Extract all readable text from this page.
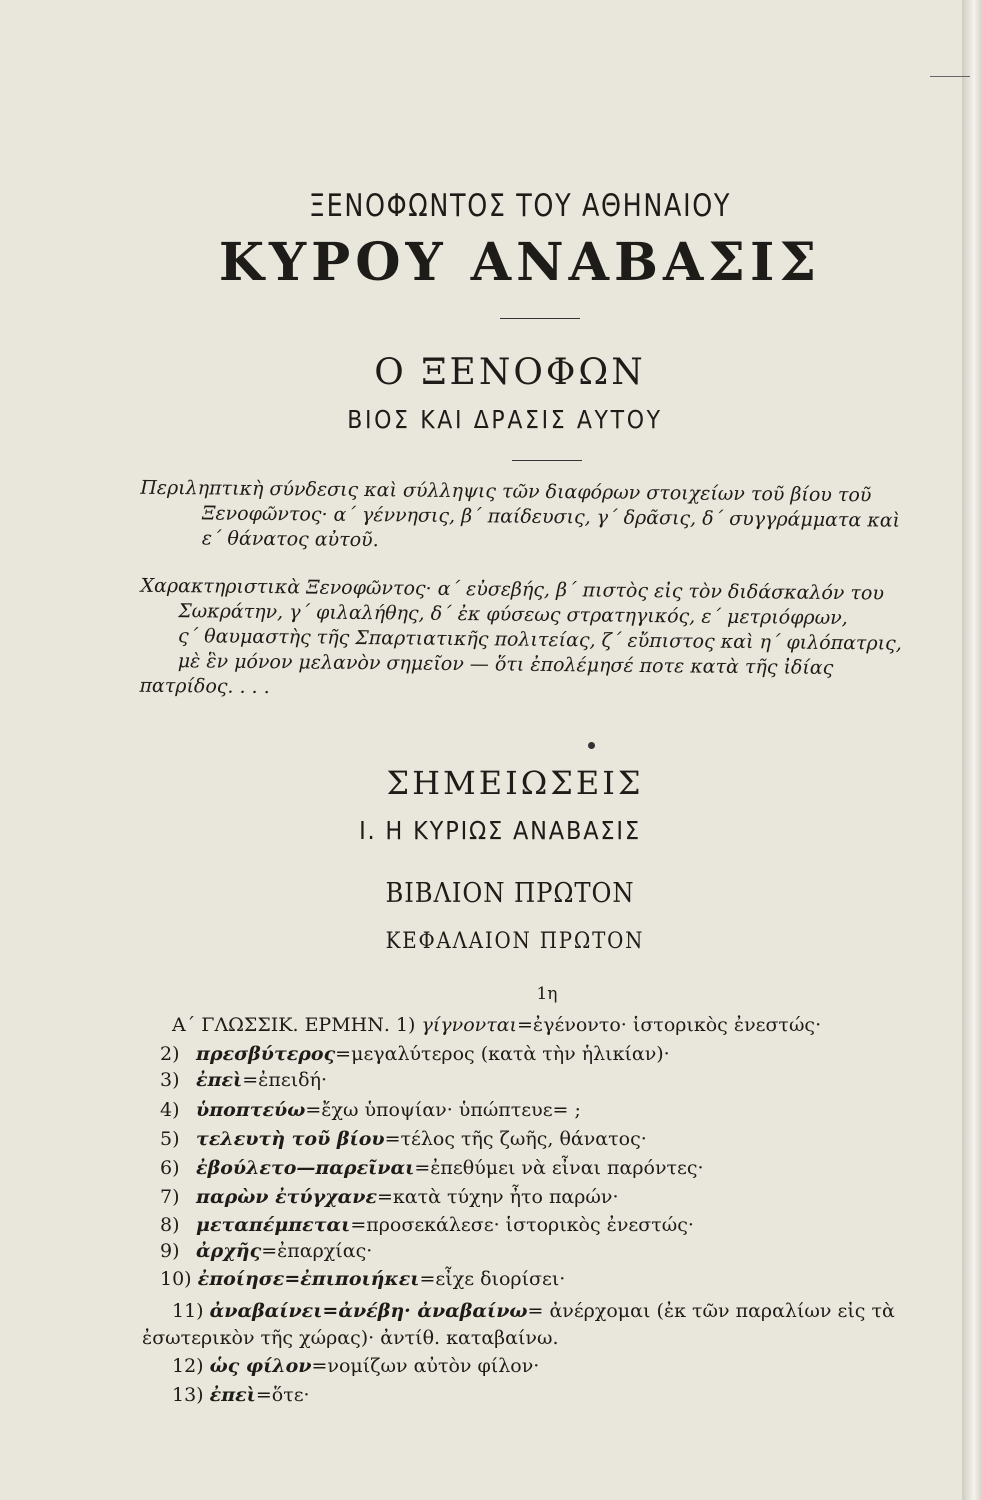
ΞΕΝΟΦΩΝΤΟΣ ΤΟΥ ΑΘΗΝΑΙΟΥ
ΚΥΡΟΥ ΑΝΑΒΑΣΙΣ
Ο ΞΕΝΟΦΩΝ
ΒΙΟΣ ΚΑΙ ΔΡΑΣΙΣ ΑΥΤΟΥ

Περιληπτικὴ σύνδεσις καὶ σύλληψις τῶν διαφόρων στοιχείων τοῦ βίου τοῦ

Ξενοφῶντος· α´ γέννησις, β´ παίδευσις, γ´ δρᾶσις, δ´ συγγράμματα καὶ

ε´ θάνατος αὐτοῦ.

Χαρακτηριστικὰ Ξενοφῶντος· α´ εὐσεβής, β´ πιστὸς εἰς τὸν διδάσκαλόν του

Σωκράτην, γ´ φιλαλήθης, δ´ ἐκ φύσεως στρατηγικός, ε´ μετριόφρων,

ς´ θαυμαστὴς τῆς Σπαρτιατικῆς πολιτείας, ζ´ εὔπιστος καὶ η´ φιλόπατρις,

μὲ ἓν μόνον μελανὸν σημεῖον — ὅτι ἐπολέμησέ ποτε κατὰ τῆς ἰδίας

πατρίδος. . . .

ΣΗΜΕΙΩΣΕΙΣ
I. Η ΚΥΡΙΩΣ ΑΝΑΒΑΣΙΣ
ΒΙΒΛΙΟΝ ΠΡΩΤΟΝ
ΚΕΦΑΛΑΙΟΝ ΠΡΩΤΟΝ
1η
Α´ ΓΛΩΣΣΙΚ. ΕΡΜΗΝ. 1) γίγνονται=ἐγένοντο· ἱστορικὸς ἐνεστώς·
2) πρεσβύτερος=μεγαλύτερος (κατὰ τὴν ἡλικίαν)·
3) ἐπεὶ=ἐπειδή·
4) ὑποπτεύω=ἔχω ὑποψίαν· ὑπώπτευε= ;
5) τελευτὴ τοῦ βίου=τέλος τῆς ζωῆς, θάνατος·
6) ἐβούλετο—παρεῖναι=ἐπεθύμει νὰ εἶναι παρόντες·
7) παρὼν ἐτύγχανε=κατὰ τύχην ἦτο παρών·
8) μεταπέμπεται=προσεκάλεσε· ἱστορικὸς ἐνεστώς·
9) ἀρχῆς=ἐπαρχίας·
10) ἐποίησε=ἐπιποιήκει=εἶχε διορίσει·
11) ἀναβαίνει=ἀνέβη· ἀναβαίνω= ἀνέρχομαι (ἐκ τῶν παραλίων εἰς τὰ
ἐσωτερικὸν τῆς χώρας)· ἀντίθ. καταβαίνω.
12) ὡς φίλον=νομίζων αὐτὸν φίλον·
13) ἐπεὶ=ὅτε·
